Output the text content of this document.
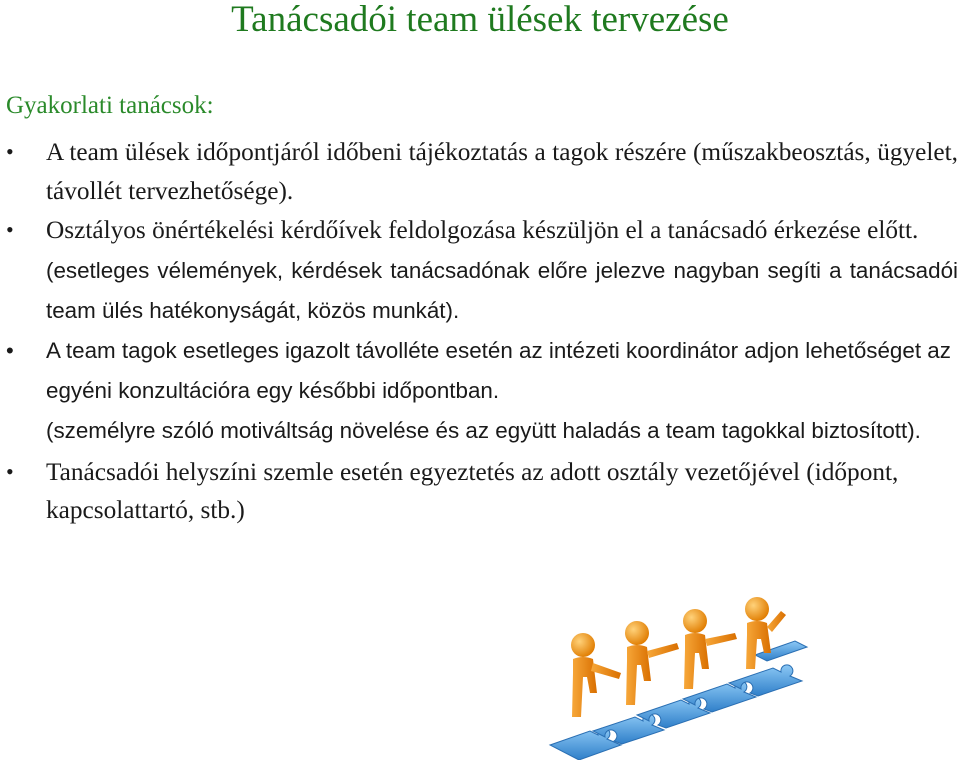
Tanácsadói team ülések tervezése
Gyakorlati tanácsok:

• A team ülések időpontjáról időbeni tájékoztatás a tagok részére (műszakbeosztás, ügyelet, távollét tervezhetősége).

• Osztályos önértékelési kérdőívek feldolgozása készüljön el a tanácsadó érkezése előtt.

(esetleges vélemények, kérdések tanácsadónak előre jelezve nagyban segíti a tanácsadói team ülés hatékonyságát, közös munkát).

• A team tagok esetleges igazolt távolléte esetén az intézeti koordinátor adjon lehetőséget az egyéni konzultációra egy későbbi időpontban.

(személyre szóló motiváltság növelése és az együtt haladás a team tagokkal biztosított).

• Tanácsadói helyszíni szemle esetén egyeztetés az adott osztály vezetőjével (időpont, kapcsolattartó, stb.)
